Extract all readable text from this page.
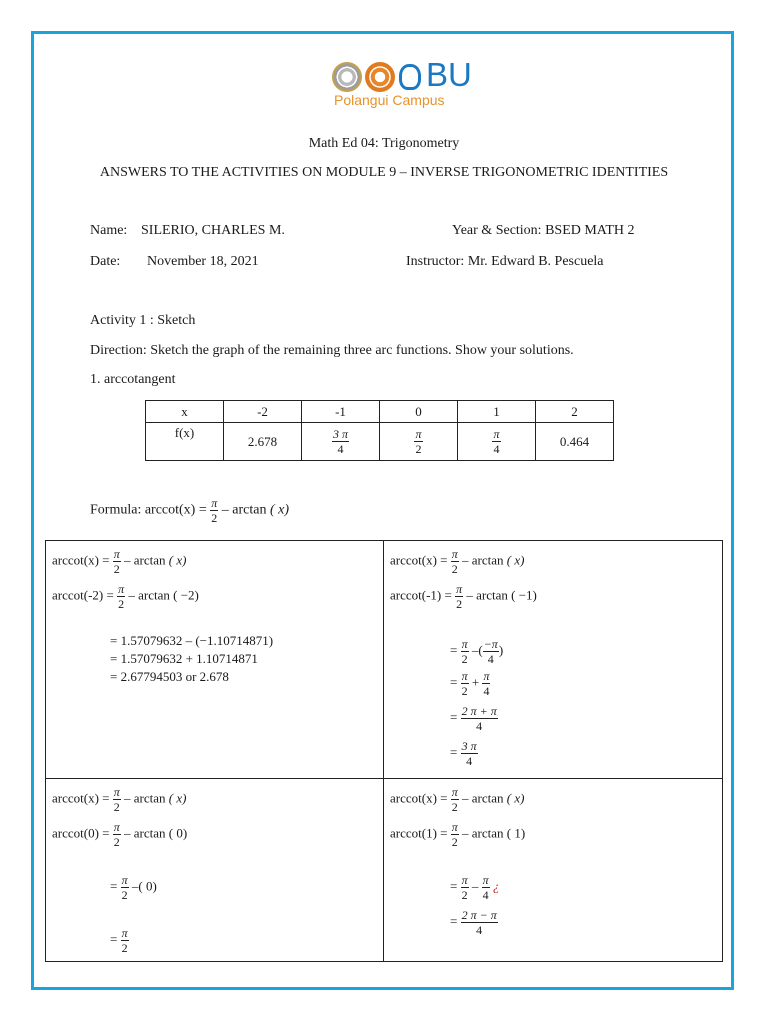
BU
Polangui Campus
Math Ed 04: Trigonometry
ANSWERS TO THE ACTIVITIES ON MODULE 9 – INVERSE TRIGONOMETRIC IDENTITIES
Name: SILERIO, CHARLES M.	Year & Section: BSED MATH 2
Date: November 18, 2021	Instructor: Mr. Edward B. Pescuela
Activity 1 : Sketch
Direction: Sketch the graph of the remaining three arc functions. Show your solutions.
1. arccotangent
x	-2	-1	0	1	2
f(x)	2.678	$\frac{3 \pi}{4}$	$\frac{\pi}{2}$	$\frac{\pi}{4}$	0.464
Formula: $arccot(x) = \frac{\pi}{2} - \arctan$ ( x)
$arccot(x) = \frac{\pi}{2} - \arctan$ ( x)
$arccot(-2) = \frac{\pi}{2} - \arctan$ ( −2)
= 1.57079632 – (−1.10714871)
= 1.57079632 + 1.10714871
= 2.67794503 or 2.678
$arccot(x) = \frac{\pi}{2} - \arctan$ ( x)
$arccot(-1) = \frac{\pi}{2} - \arctan$ ( −1)
= $\frac{\pi}{2}$ –( $\frac{-\pi}{4}$ )
= $\frac{\pi}{2} + \frac{\pi}{4}$
= $\frac{2 \pi + \pi}{4}$
= $\frac{3 \pi}{4}$
$arccot(x) = \frac{\pi}{2} - \arctan$ ( x)
$arccot(0) = \frac{\pi}{2} - \arctan$ ( 0)
= $\frac{\pi}{2}$ –( 0)
= $\frac{\pi}{2}$
$arccot(x) = \frac{\pi}{2} - \arctan$ ( x)
$arccot(1) = \frac{\pi}{2} - \arctan$ ( 1)
= $\frac{\pi}{2} - \frac{\pi}{4}$ ¿
= $\frac{2 \pi - \pi}{4}$
